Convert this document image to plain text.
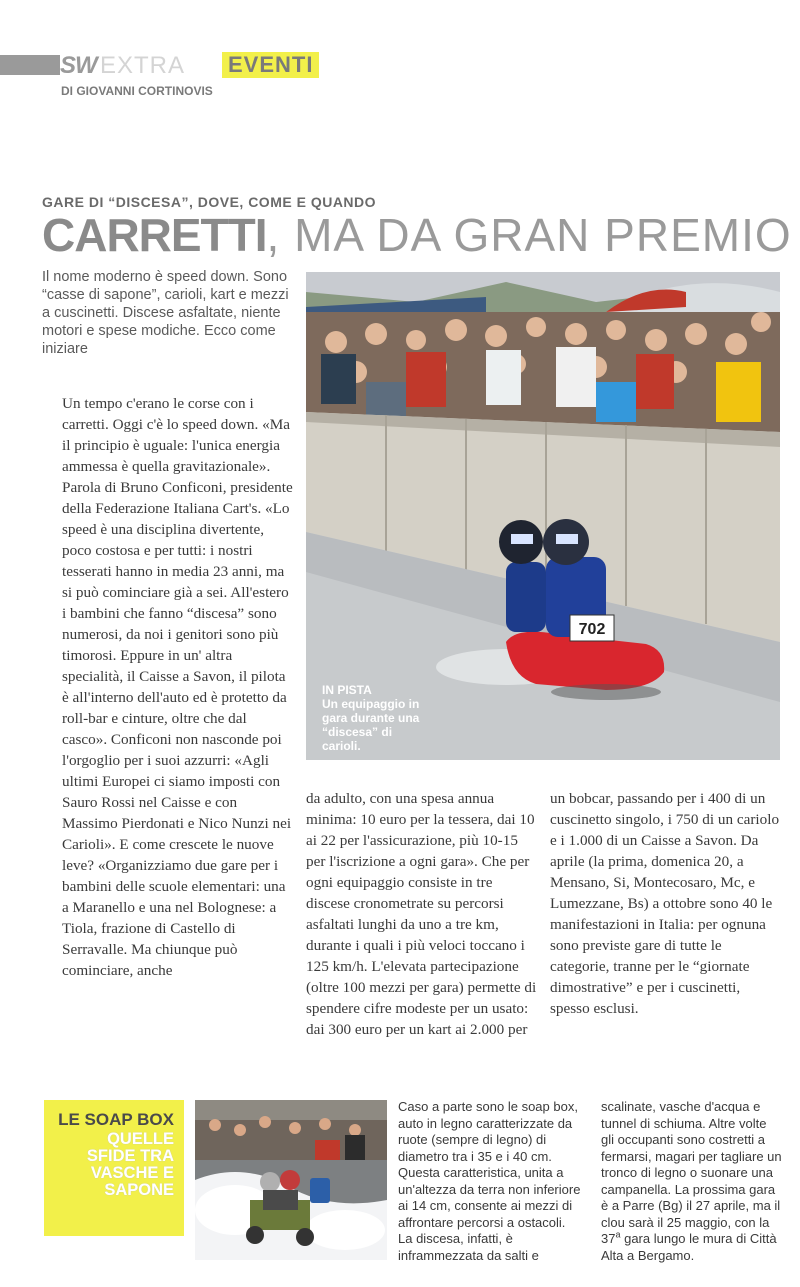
SW EXTRA EVENTI
DI GIOVANNI CORTINOVIS
GARE DI “DISCESA”, DOVE, COME E QUANDO
CARRETTI, MA DA GRAN PREMIO
Il nome moderno è speed down. Sono “casse di sapone”, carioli, kart e mezzi a cuscinetti. Discese asfaltate, niente motori e spese modiche. Ecco come iniziare
702
IN PISTA
Un equipaggio in gara durante una “discesa” di carioli.

Un tempo c'erano le corse con i carretti. Oggi c'è lo speed down. «Ma il principio è uguale: l'unica energia ammessa è quella gravitazionale». Parola di Bruno Conficoni, presidente della Federazione Italiana Cart's. «Lo speed è una disciplina divertente, poco costosa e per tutti: i nostri tesserati hanno in media 23 anni, ma si può cominciare già a sei. All'estero i bambini che fanno “discesa” sono numerosi, da noi i genitori sono più timorosi. Eppure in un' altra specialità, il Caisse a Savon, il pilota è all'interno dell'auto ed è protetto da roll-bar e cinture, oltre che dal casco». Conficoni non nasconde poi l'orgoglio per i suoi azzurri: «Agli ultimi Europei ci siamo imposti con Sauro Rossi nel Caisse e con Massimo Pierdonati e Nico Nunzi nei Carioli». E come crescete le nuove leve? «Organizziamo due gare per i bambini delle scuole elementari: una a Maranello e una nel Bolognese: a Tiola, frazione di Castello di Serravalle. Ma chiunque può cominciare, anche

da adulto, con una spesa annua minima: 10 euro per la tessera, dai 10 ai 22 per l'assicurazione, più 10-15 per l'iscrizione a ogni gara». Che per ogni equipaggio consiste in tre discese cronometrate su percorsi asfaltati lunghi da uno a tre km, durante i quali i più veloci toccano i 125 km/h. L'elevata partecipazione (oltre 100 mezzi per gara) permette di spendere cifre modeste per un usato: dai 300 euro per un kart ai 2.000 per

un bobcar, passando per i 400 di un cuscinetto singolo, i 750 di un cariolo e i 1.000 di un Caisse a Savon. Da aprile (la prima, domenica 20, a Mensano, Si, Montecosaro, Mc, e Lumezzane, Bs) a ottobre sono 40 le manifestazioni in Italia: per ognuna sono previste gare di tutte le categorie, tranne per le “giornate dimostrative” e per i cuscinetti, spesso esclusi.

LE SOAP BOX
QUELLE SFIDE TRA VASCHE E SAPONE
Caso a parte sono le soap box, auto in legno caratterizzate da ruote (sempre di legno) di diametro tra i 35 e i 40 cm. Questa caratteristica, unita a un'altezza da terra non inferiore ai 14 cm, consente ai mezzi di affrontare percorsi a ostacoli. La discesa, infatti, è inframmezzata da salti e
scalinate, vasche d'acqua e tunnel di schiuma. Altre volte gli occupanti sono costretti a fermarsi, magari per tagliare un tronco di legno o suonare una campanella. La prossima gara è a Parre (Bg) il 27 aprile, ma il clou sarà il 25 maggio, con la 37$^a$ gara lungo le mura di Città Alta a Bergamo.
